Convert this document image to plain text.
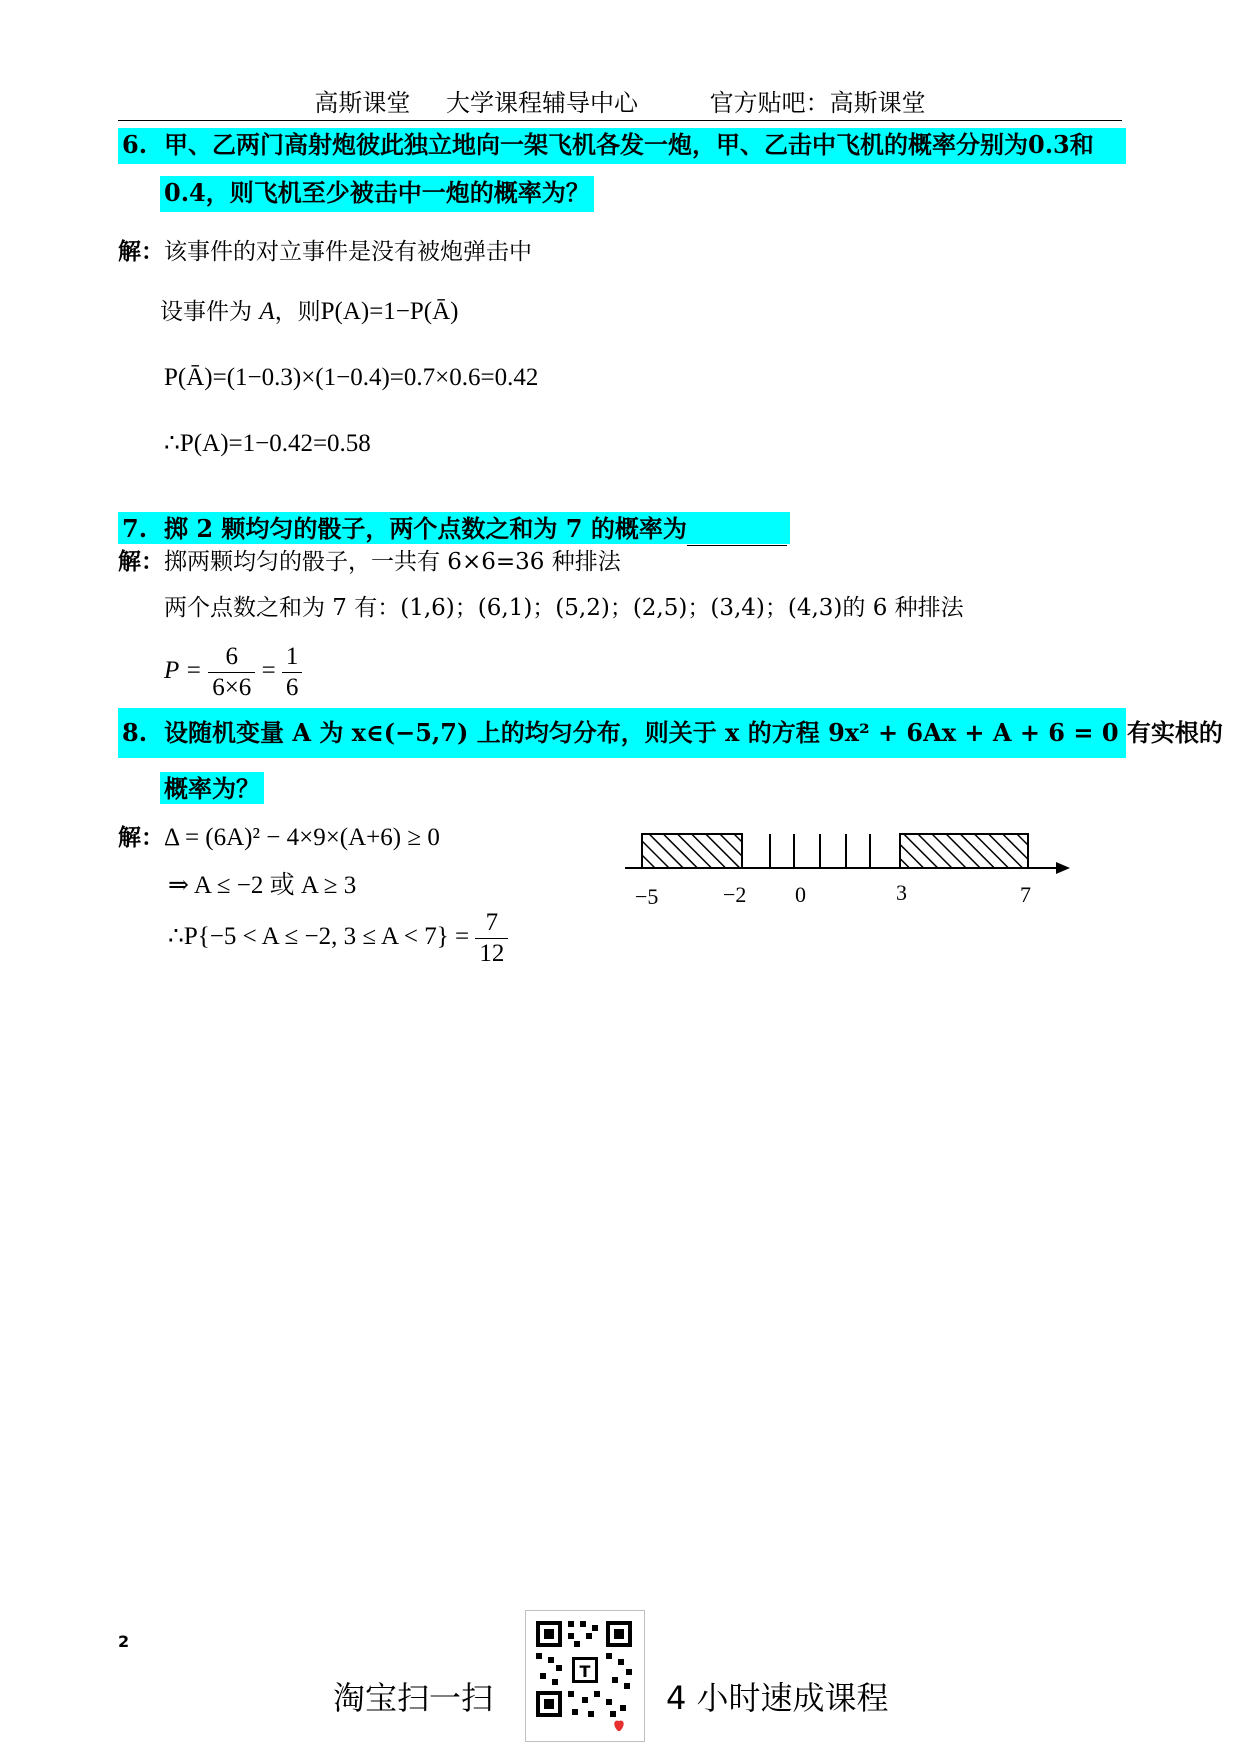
高斯课堂 大学课程辅导中心	官方贴吧：高斯课堂
6. 甲、乙两门高射炮彼此独立地向一架飞机各发一炮，甲、乙击中飞机的概率分别为0.3和
0.4，则飞机至少被击中一炮的概率为？
解：该事件的对立事件是没有被炮弹击中
设事件为 A，则P(A)=1−P(Ā)
P(Ā)=(1−0.3)×(1−0.4)=0.7×0.6=0.42
∴P(A)=1−0.42=0.58
7. 掷 2 颗均匀的骰子，两个点数之和为 7 的概率为
解：掷两颗均匀的骰子，一共有 6×6=36 种排法
两个点数之和为 7 有：(1,6)；(6,1)；(5,2)；(2,5)；(3,4)；(4,3)的 6 种排法
$P = \frac{6}{6\times 6} = \frac{1}{6}$
8. 设随机变量 A 为 x∈(−5,7) 上的均匀分布，则关于 x 的方程 9x² + 6Ax + A + 6 = 0 有实根的
概率为？
解：Δ = (6A)² − 4×9×(A+6) ≥ 0
⇒ A ≤ −2 或 A ≥ 3
∴P{−5 < A ≤ −2, $3 \le A < 7\} = \frac{7}{12}$
−5	−2 0	3	7
2
淘宝扫一扫
T
4 小时速成课程
